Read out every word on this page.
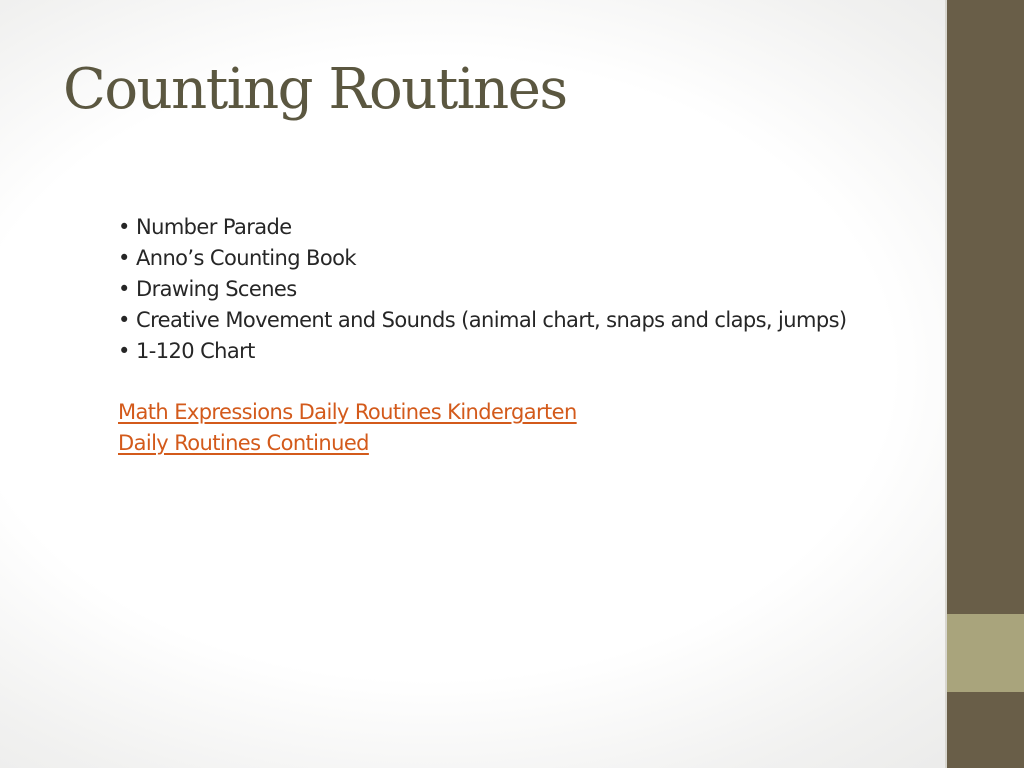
Counting Routines
• Number Parade
• Anno’s Counting Book
• Drawing Scenes
• Creative Movement and Sounds (animal chart, snaps and claps, jumps)
• 1-120 Chart
Math Expressions Daily Routines Kindergarten
Daily Routines Continued
